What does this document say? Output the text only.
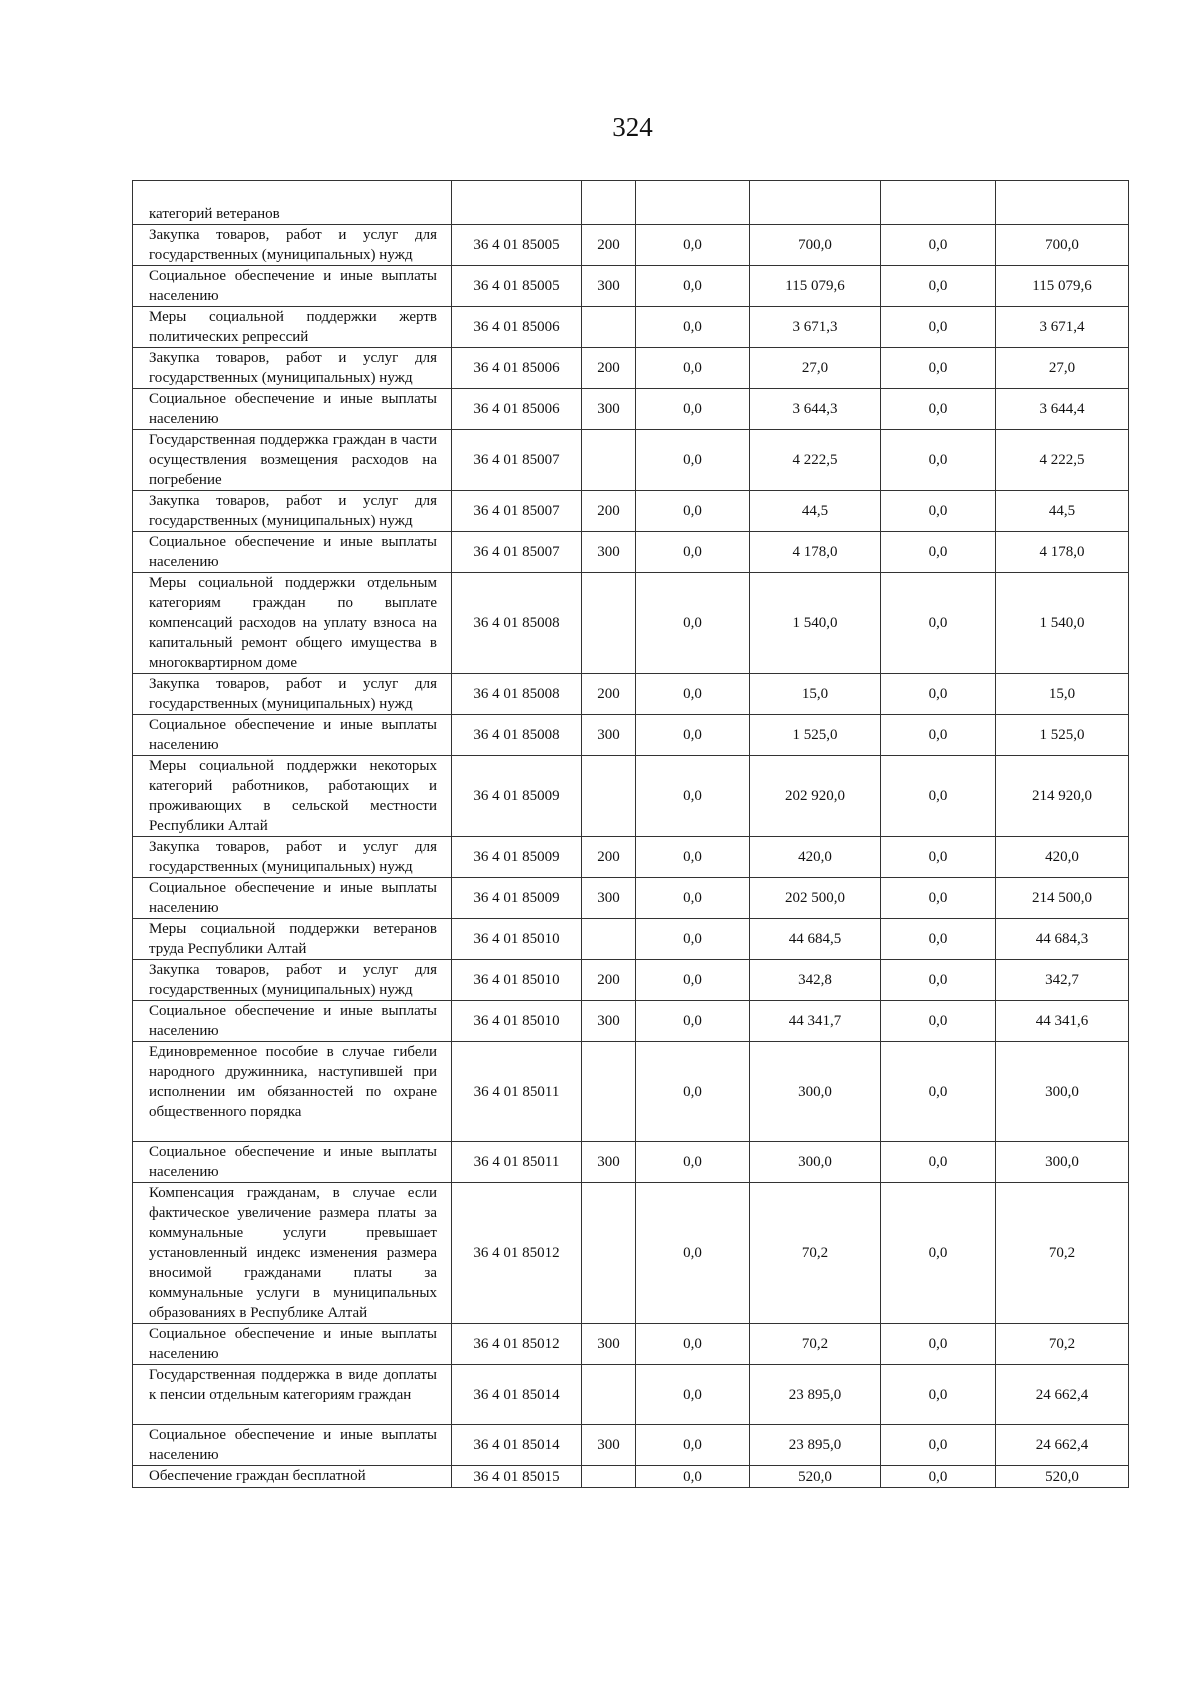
324
категорий ветеранов						
Закупка товаров, работ и услуг для государственных (муниципальных) нужд	36 4 01 85005	200	0,0	700,0	0,0	700,0
Социальное обеспечение и иные выплаты населению	36 4 01 85005	300	0,0	115 079,6	0,0	115 079,6
Меры социальной поддержки жертв политических репрессий	36 4 01 85006		0,0	3 671,3	0,0	3 671,4
Закупка товаров, работ и услуг для государственных (муниципальных) нужд	36 4 01 85006	200	0,0	27,0	0,0	27,0
Социальное обеспечение и иные выплаты населению	36 4 01 85006	300	0,0	3 644,3	0,0	3 644,4
Государственная поддержка граждан в части осуществления возмещения расходов на погребение	36 4 01 85007		0,0	4 222,5	0,0	4 222,5
Закупка товаров, работ и услуг для государственных (муниципальных) нужд	36 4 01 85007	200	0,0	44,5	0,0	44,5
Социальное обеспечение и иные выплаты населению	36 4 01 85007	300	0,0	4 178,0	0,0	4 178,0
Меры социальной поддержки отдельным категориям граждан по выплате компенсаций расходов на уплату взноса на капитальный ремонт общего имущества в многоквартирном доме	36 4 01 85008		0,0	1 540,0	0,0	1 540,0
Закупка товаров, работ и услуг для государственных (муниципальных) нужд	36 4 01 85008	200	0,0	15,0	0,0	15,0
Социальное обеспечение и иные выплаты населению	36 4 01 85008	300	0,0	1 525,0	0,0	1 525,0
Меры социальной поддержки некоторых категорий работников, работающих и проживающих в сельской местности Республики Алтай	36 4 01 85009		0,0	202 920,0	0,0	214 920,0
Закупка товаров, работ и услуг для государственных (муниципальных) нужд	36 4 01 85009	200	0,0	420,0	0,0	420,0
Социальное обеспечение и иные выплаты населению	36 4 01 85009	300	0,0	202 500,0	0,0	214 500,0
Меры социальной поддержки ветеранов труда Республики Алтай	36 4 01 85010		0,0	44 684,5	0,0	44 684,3
Закупка товаров, работ и услуг для государственных (муниципальных) нужд	36 4 01 85010	200	0,0	342,8	0,0	342,7
Социальное обеспечение и иные выплаты населению	36 4 01 85010	300	0,0	44 341,7	0,0	44 341,6
Единовременное пособие в случае гибели народного дружинника, наступившей при исполнении им обязанностей по охране общественного порядка	36 4 01 85011		0,0	300,0	0,0	300,0
Социальное обеспечение и иные выплаты населению	36 4 01 85011	300	0,0	300,0	0,0	300,0
Компенсация гражданам, в случае если фактическое увеличение размера платы за коммунальные услуги превышает установленный индекс изменения размера вносимой гражданами платы за коммунальные услуги в муниципальных образованиях в Республике Алтай	36 4 01 85012		0,0	70,2	0,0	70,2
Социальное обеспечение и иные выплаты населению	36 4 01 85012	300	0,0	70,2	0,0	70,2
Государственная поддержка в виде доплаты к пенсии отдельным категориям граждан	36 4 01 85014		0,0	23 895,0	0,0	24 662,4
Социальное обеспечение и иные выплаты населению	36 4 01 85014	300	0,0	23 895,0	0,0	24 662,4
Обеспечение граждан бесплатной	36 4 01 85015		0,0	520,0	0,0	520,0
